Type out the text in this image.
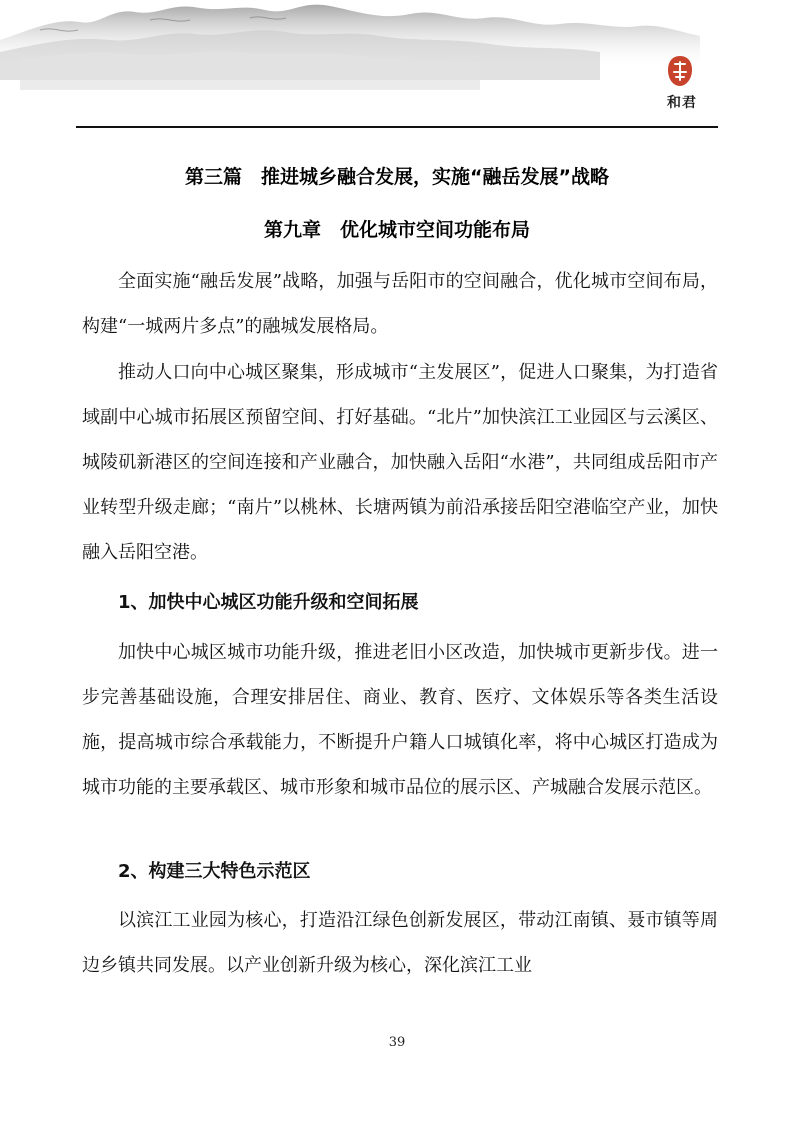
和君
第三篇　推进城乡融合发展，实施“融岳发展”战略
第九章　优化城市空间功能布局

全面实施“融岳发展”战略，加强与岳阳市的空间融合，优化城市空间布局，构建“一城两片多点”的融城发展格局。

推动人口向中心城区聚集，形成城市“主发展区”，促进人口聚集，为打造省域副中心城市拓展区预留空间、打好基础。“北片”加快滨江工业园区与云溪区、城陵矶新港区的空间连接和产业融合，加快融入岳阳“水港”，共同组成岳阳市产业转型升级走廊；“南片”以桃林、长塘两镇为前沿承接岳阳空港临空产业，加快融入岳阳空港。

1、加快中心城区功能升级和空间拓展

加快中心城区城市功能升级，推进老旧小区改造，加快城市更新步伐。进一步完善基础设施，合理安排居住、商业、教育、医疗、文体娱乐等各类生活设施，提高城市综合承载能力，不断提升户籍人口城镇化率，将中心城区打造成为城市功能的主要承载区、城市形象和城市品位的展示区、产城融合发展示范区。

2、构建三大特色示范区

以滨江工业园为核心，打造沿江绿色创新发展区，带动江南镇、聂市镇等周边乡镇共同发展。以产业创新升级为核心，深化滨江工业

39
